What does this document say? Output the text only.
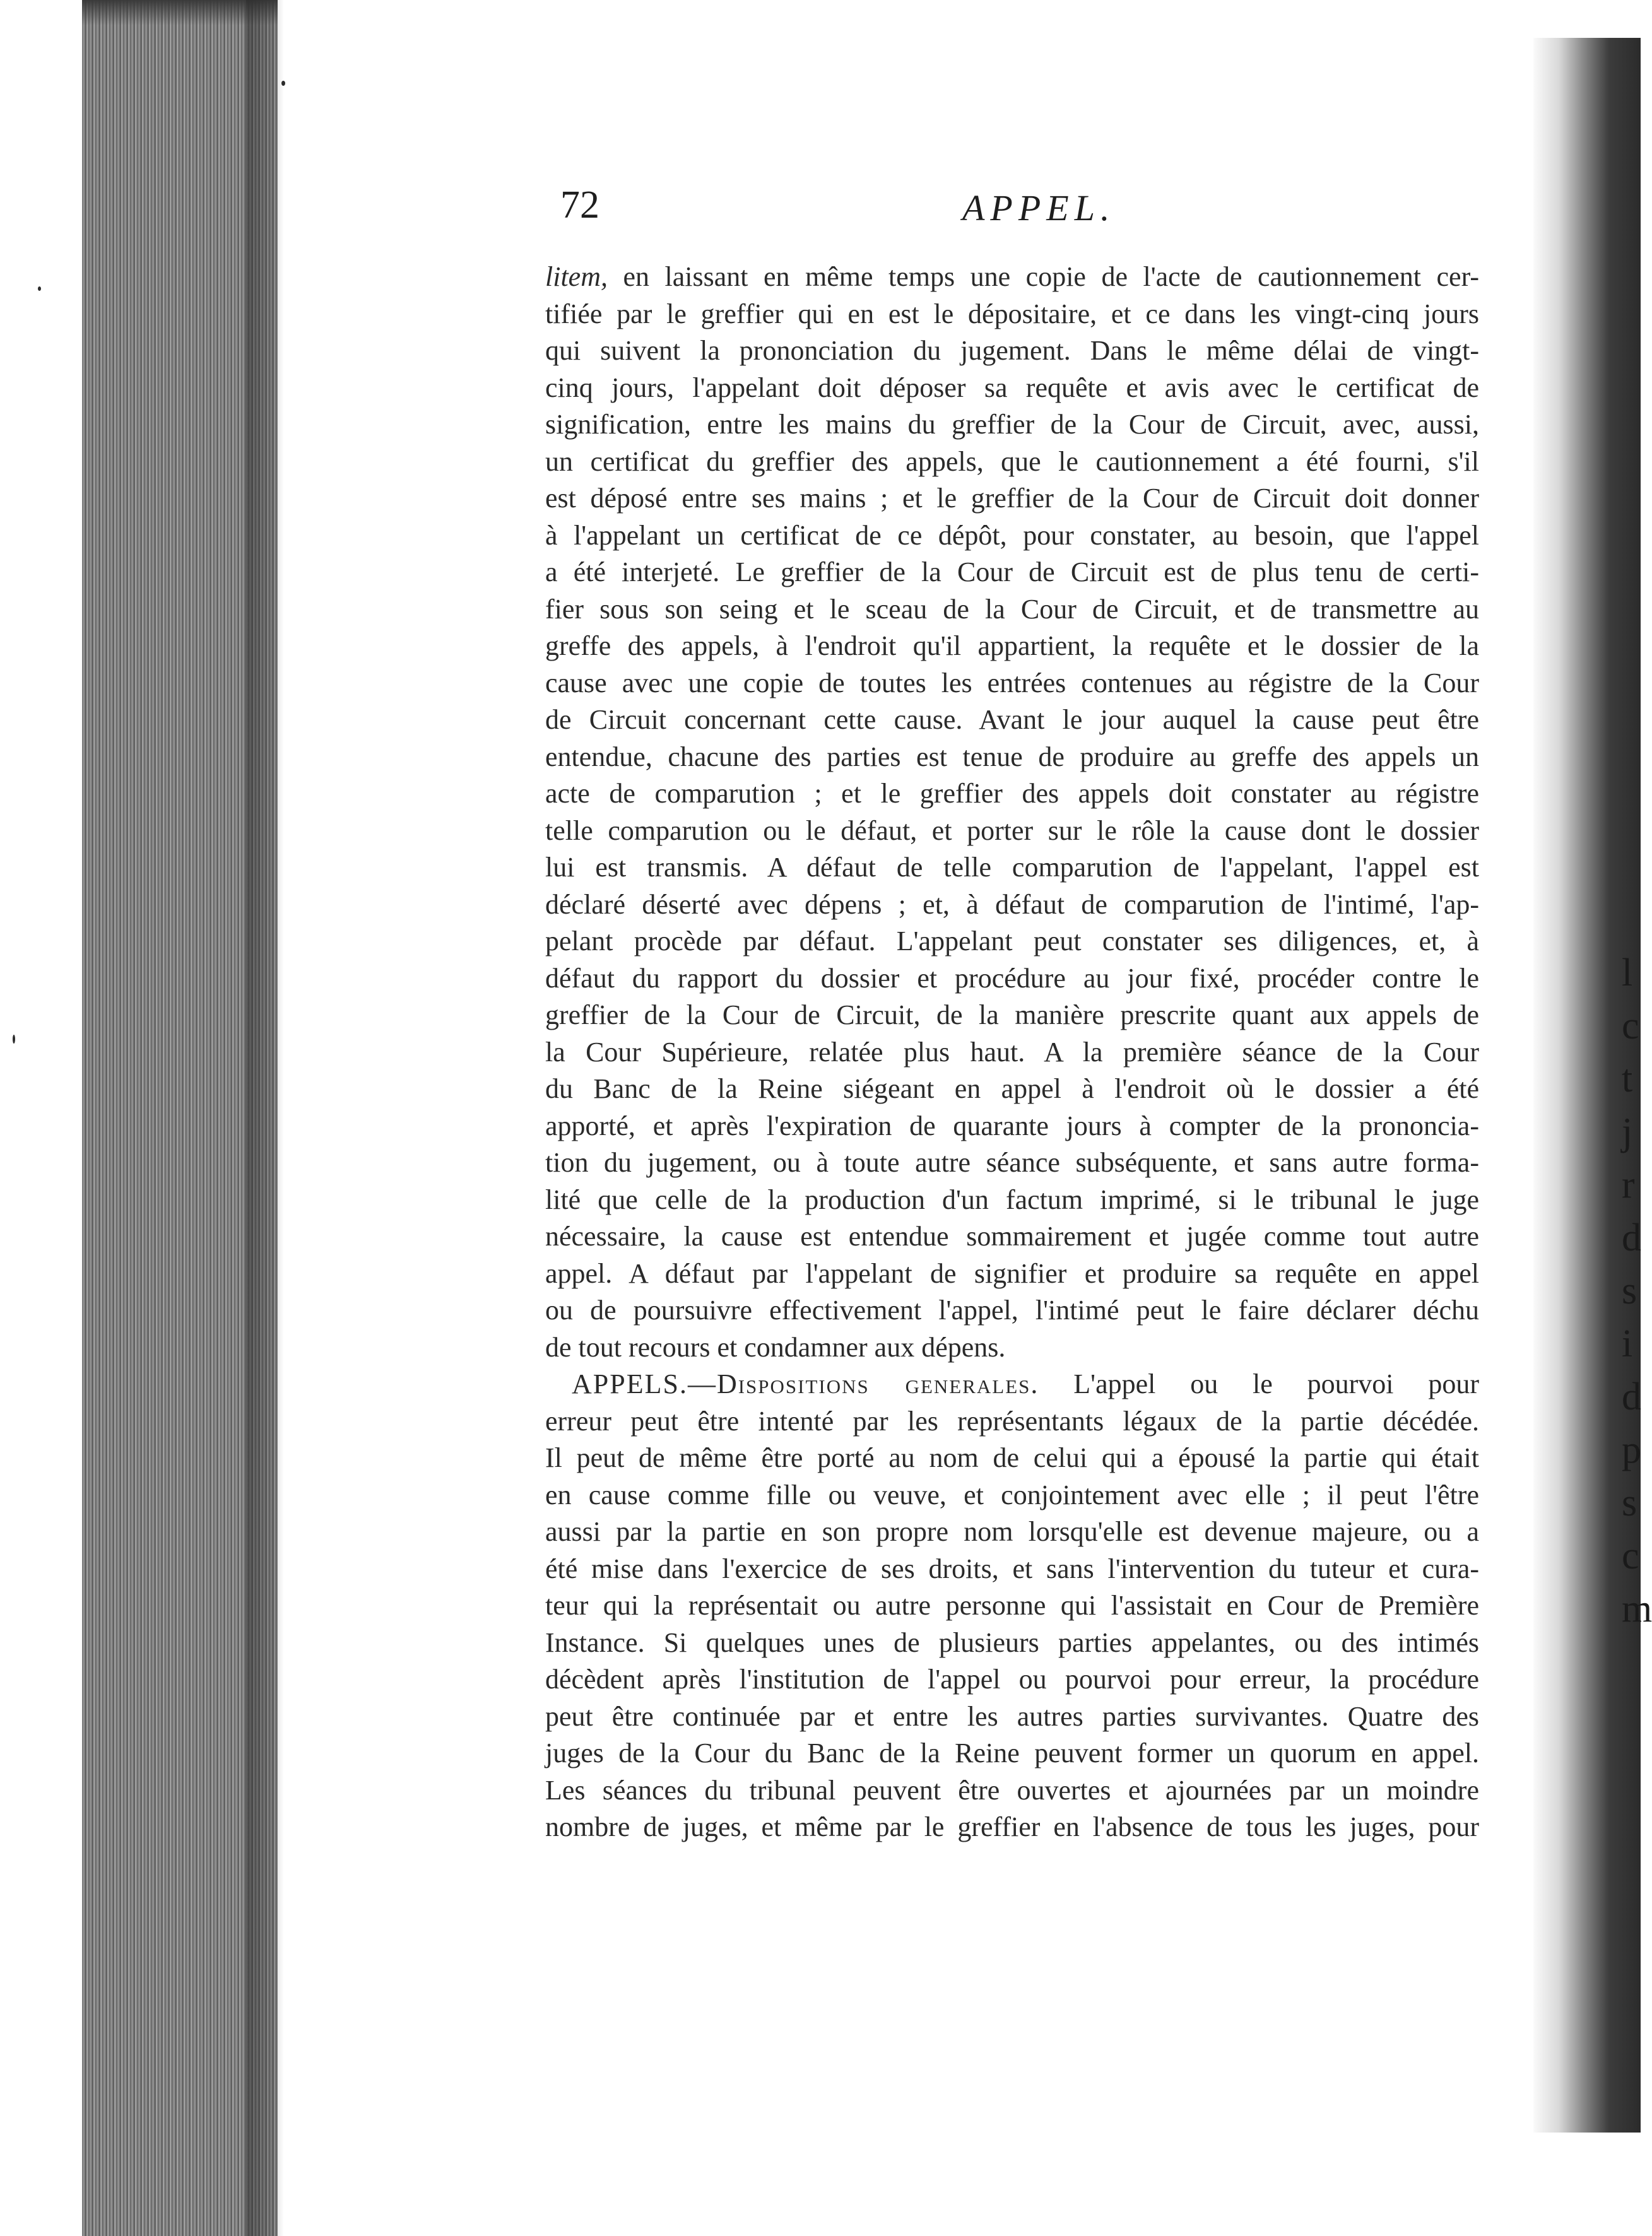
l
c
t
j
r
d
s
i
d
p
s
c
m
72	APPEL.
litem, en laissant en même temps une copie de l'acte de cautionnement cer-
tifiée par le greffier qui en est le dépositaire, et ce dans les vingt-cinq jours
qui suivent la prononciation du jugement. Dans le même délai de vingt-
cinq jours, l'appelant doit déposer sa requête et avis avec le certificat de
signification, entre les mains du greffier de la Cour de Circuit, avec, aussi,
un certificat du greffier des appels, que le cautionnement a été fourni, s'il
est déposé entre ses mains ; et le greffier de la Cour de Circuit doit donner
à l'appelant un certificat de ce dépôt, pour constater, au besoin, que l'appel
a été interjeté. Le greffier de la Cour de Circuit est de plus tenu de certi-
fier sous son seing et le sceau de la Cour de Circuit, et de transmettre au
greffe des appels, à l'endroit qu'il appartient, la requête et le dossier de la
cause avec une copie de toutes les entrées contenues au régistre de la Cour
de Circuit concernant cette cause. Avant le jour auquel la cause peut être
entendue, chacune des parties est tenue de produire au greffe des appels un
acte de comparution ; et le greffier des appels doit constater au régistre
telle comparution ou le défaut, et porter sur le rôle la cause dont le dossier
lui est transmis. A défaut de telle comparution de l'appelant, l'appel est
déclaré déserté avec dépens ; et, à défaut de comparution de l'intimé, l'ap-
pelant procède par défaut. L'appelant peut constater ses diligences, et, à
défaut du rapport du dossier et procédure au jour fixé, procéder contre le
greffier de la Cour de Circuit, de la manière prescrite quant aux appels de
la Cour Supérieure, relatée plus haut. A la première séance de la Cour
du Banc de la Reine siégeant en appel à l'endroit où le dossier a été
apporté, et après l'expiration de quarante jours à compter de la prononcia-
tion du jugement, ou à toute autre séance subséquente, et sans autre forma-
lité que celle de la production d'un factum imprimé, si le tribunal le juge
nécessaire, la cause est entendue sommairement et jugée comme tout autre
appel. A défaut par l'appelant de signifier et produire sa requête en appel
ou de poursuivre effectivement l'appel, l'intimé peut le faire déclarer déchu
de tout recours et condamner aux dépens.
APPELS.—Dispositions generales. L'appel ou le pourvoi pour
erreur peut être intenté par les représentants légaux de la partie décédée.
Il peut de même être porté au nom de celui qui a épousé la partie qui était
en cause comme fille ou veuve, et conjointement avec elle ; il peut l'être
aussi par la partie en son propre nom lorsqu'elle est devenue majeure, ou a
été mise dans l'exercice de ses droits, et sans l'intervention du tuteur et cura-
teur qui la représentait ou autre personne qui l'assistait en Cour de Première
Instance. Si quelques unes de plusieurs parties appelantes, ou des intimés
décèdent après l'institution de l'appel ou pourvoi pour erreur, la procédure
peut être continuée par et entre les autres parties survivantes. Quatre des
juges de la Cour du Banc de la Reine peuvent former un quorum en appel.
Les séances du tribunal peuvent être ouvertes et ajournées par un moindre
nombre de juges, et même par le greffier en l'absence de tous les juges, pour
